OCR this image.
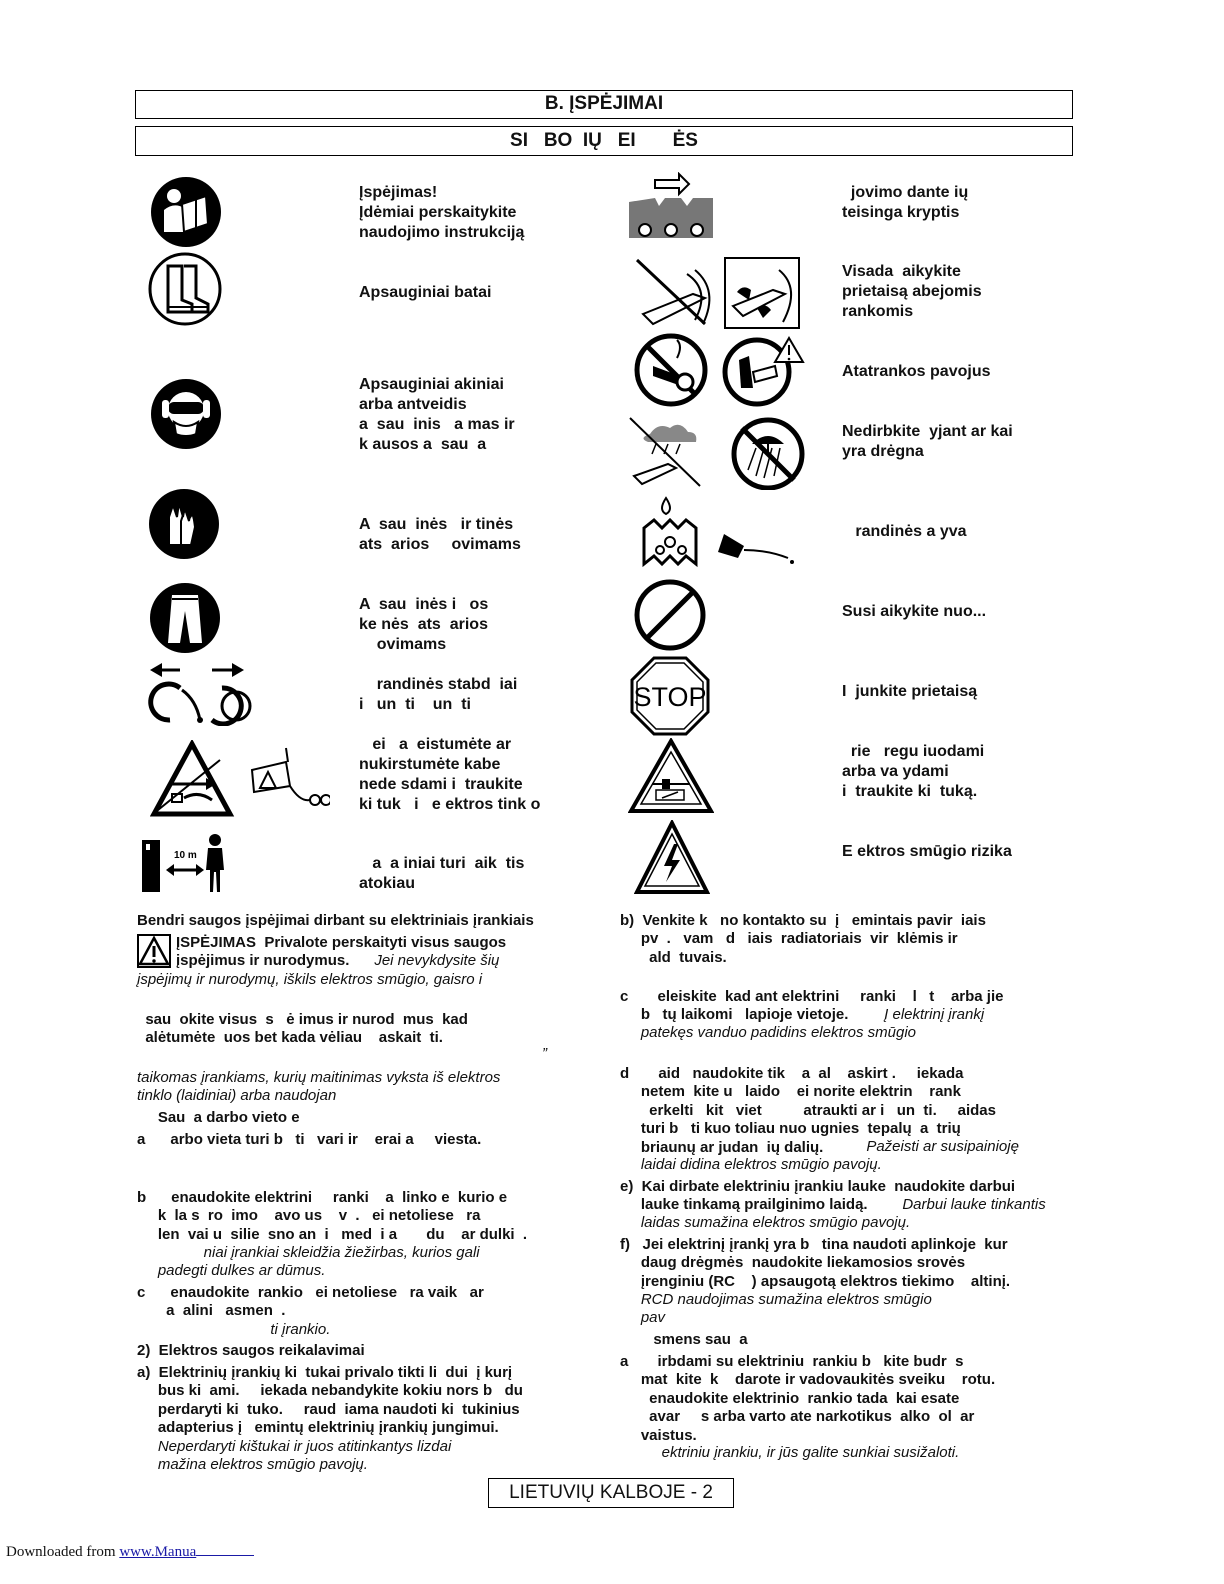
B. ĮSPĖJIMAI
SI   BO  IŲ   EI       ĖS
10 m
Įspėjimas!
Įdėmiai perskaitykite
naudojimo instrukciją
Apsauginiai batai
Apsauginiai akiniai
arba antveidis
a  sau  inis   a mas ir
k ausos a  sau  a
A  sau  inės   ir tinės
ats  arios     ovimams
A  sau  inės i   os
ke nės  ats  arios
ovimams
randinės stabd  iai
i   un  ti    un  ti
ei   a  eistumėte ar
nukirstumėte kabe
nede sdami i  traukite
ki tuk   i   e ektros tink o

a  a iniai turi  aik  tis
atokiau
STOP
jovimo dante ių
teisinga kryptis
Visada  aikykite
prietaisą abejomis
rankomis
Atatrankos pavojus
Nedirbkite  yjant ar kai
yra drėgna
randinės a yva
Susi aikykite nuo...
I  junkite prietaisą
rie   regu iuodami
arba va ydami
i  traukite ki  tuką.
E ektros smūgio rizika
Bendri saugos įspėjimai dirbant su elektriniais įrankiais
ĮSPĖJIMAS  Privalote perskaityti visus saugos
įspėjimus ir nurodymus.	Jei nevykdysite šių
įspėjimų ir nurodymų, iškils elektros smūgio, gaisro i
sau  okite visus  s   ė imus ir nurod  mus  kad
alėtumėte  uos bet kada vėliau    askait  ti.
”
taikomas įrankiams, kurių maitinimas vyksta iš elektros
tinklo (laidiniai) arba naudojan
Sau  a darbo vieto e
a      arbo vieta turi b   ti   vari ir    erai a     viesta.
b      enaudokite elektrini     ranki    a  linko e  kurio e
k  la s  ro  imo    avo us    v  .   ei netoliese   ra
len  vai u  silie  sno an  i   med  i a       du    ar dulki  .
niai įrankiai skleidžia žiežirbas, kurios gali
padegti dulkes ar dūmus.
c      enaudokite  rankio   ei netoliese   ra vaik   ar
a  alini   asmen  .
ti įrankio.
2)  Elektros saugos reikalavimai
a)  Elektrinių įrankių ki  tukai privalo tikti li  dui  į kurį
bus ki  ami.     iekada nebandykite kokiu nors b   du
perdaryti ki  tuko.     raud  iama naudoti ki  tukinius
adapterius į   emintų elektrinių įrankių jungimui.
Neperdaryti kištukai ir juos atitinkantys lizdai
mažina elektros smūgio pavojų.
b)  Venkite k   no kontakto su  į   emintais pavir  iais
pv  .   vam   d   iais  radiatoriais  vir  klėmis ir
ald  tuvais.
c       eleiskite  kad ant elektrini     ranki    l   t    arba jie
b   tų laikomi   lapioje vietoje.	Į elektrinį įrankį
patekęs vanduo padidins elektros smūgio
d       aid   naudokite tik    a  al    askirt .     iekada
netem  kite u   laido    ei norite elektrin    rank
erkelti   kit   viet          atraukti ar i   un  ti.     aidas
turi b   ti kuo toliau nuo ugnies  tepalų  a  trių
briaunų ar judan  ių dalių.	Pažeisti ar susipainioję
laidai didina elektros smūgio pavojų.
e)  Kai dirbate elektriniu įrankiu lauke  naudokite darbui
lauke tinkamą prailginimo laidą.	Darbui lauke tinkantis
laidas sumažina elektros smūgio pavojų.
f)   Jei elektrinį įrankį yra b   tina naudoti aplinkoje  kur
daug drėgmės  naudokite liekamosios srovės
įrenginiu (RC    ) apsaugotą elektros tiekimo    altinį.
RCD naudojimas sumažina elektros smūgio
pav
smens sau  a
a       irbdami su elektriniu  rankiu b   kite budr  s
mat  kite  k    darote ir vadovaukitės sveiku    rotu.
enaudokite elektrinio  rankio tada  kai esate
avar     s arba varto ate narkotikus  alko  ol  ar
vaistus.
ektriniu įrankiu, ir jūs galite sunkiai susižaloti.
LIETUVIŲ KALBOJE - 2
Downloaded from www.Manua
